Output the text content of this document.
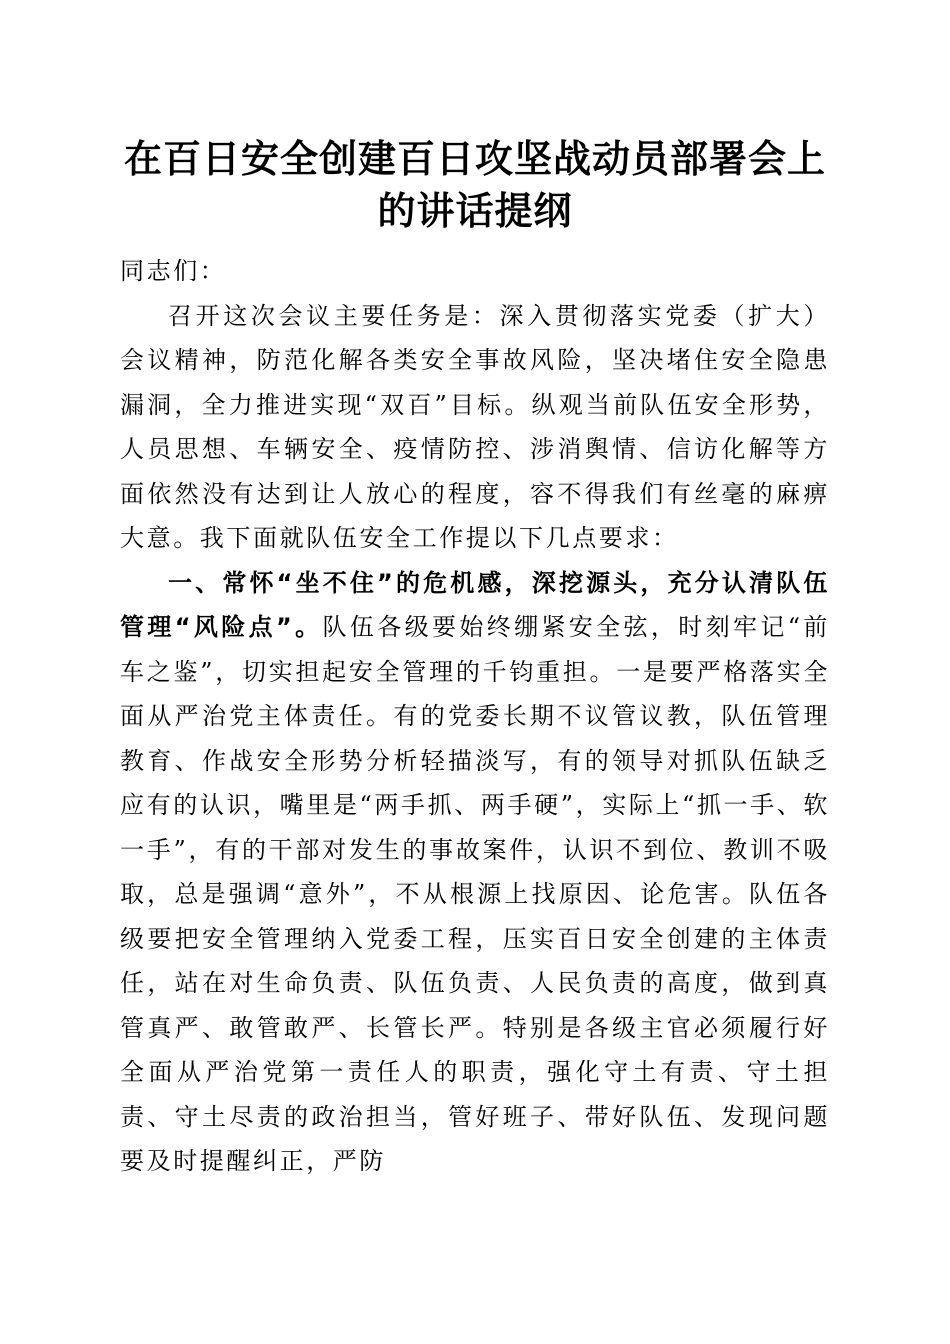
在百日安全创建百日攻坚战动员部署会上的讲话提纲

同志们：

召开这次会议主要任务是：深入贯彻落实党委（扩大）会议精神，防范化解各类安全事故风险，坚决堵住安全隐患漏洞，全力推进实现“双百”目标。纵观当前队伍安全形势，人员思想、车辆安全、疫情防控、涉消舆情、信访化解等方面依然没有达到让人放心的程度，容不得我们有丝毫的麻痹大意。我下面就队伍安全工作提以下几点要求：

一、常怀“坐不住”的危机感，深挖源头，充分认清队伍管理“风险点”。队伍各级要始终绷紧安全弦，时刻牢记“前车之鉴”，切实担起安全管理的千钧重担。一是要严格落实全面从严治党主体责任。有的党委长期不议管议教，队伍管理教育、作战安全形势分析轻描淡写，有的领导对抓队伍缺乏应有的认识，嘴里是“两手抓、两手硬”，实际上“抓一手、软一手”，有的干部对发生的事故案件，认识不到位、教训不吸取，总是强调“意外”，不从根源上找原因、论危害。队伍各级要把安全管理纳入党委工程，压实百日安全创建的主体责任，站在对生命负责、队伍负责、人民负责的高度，做到真管真严、敢管敢严、长管长严。特别是各级主官必须履行好全面从严治党第一责任人的职责，强化守土有责、守土担责、守土尽责的政治担当，管好班子、带好队伍、发现问题要及时提醒纠正，严防
